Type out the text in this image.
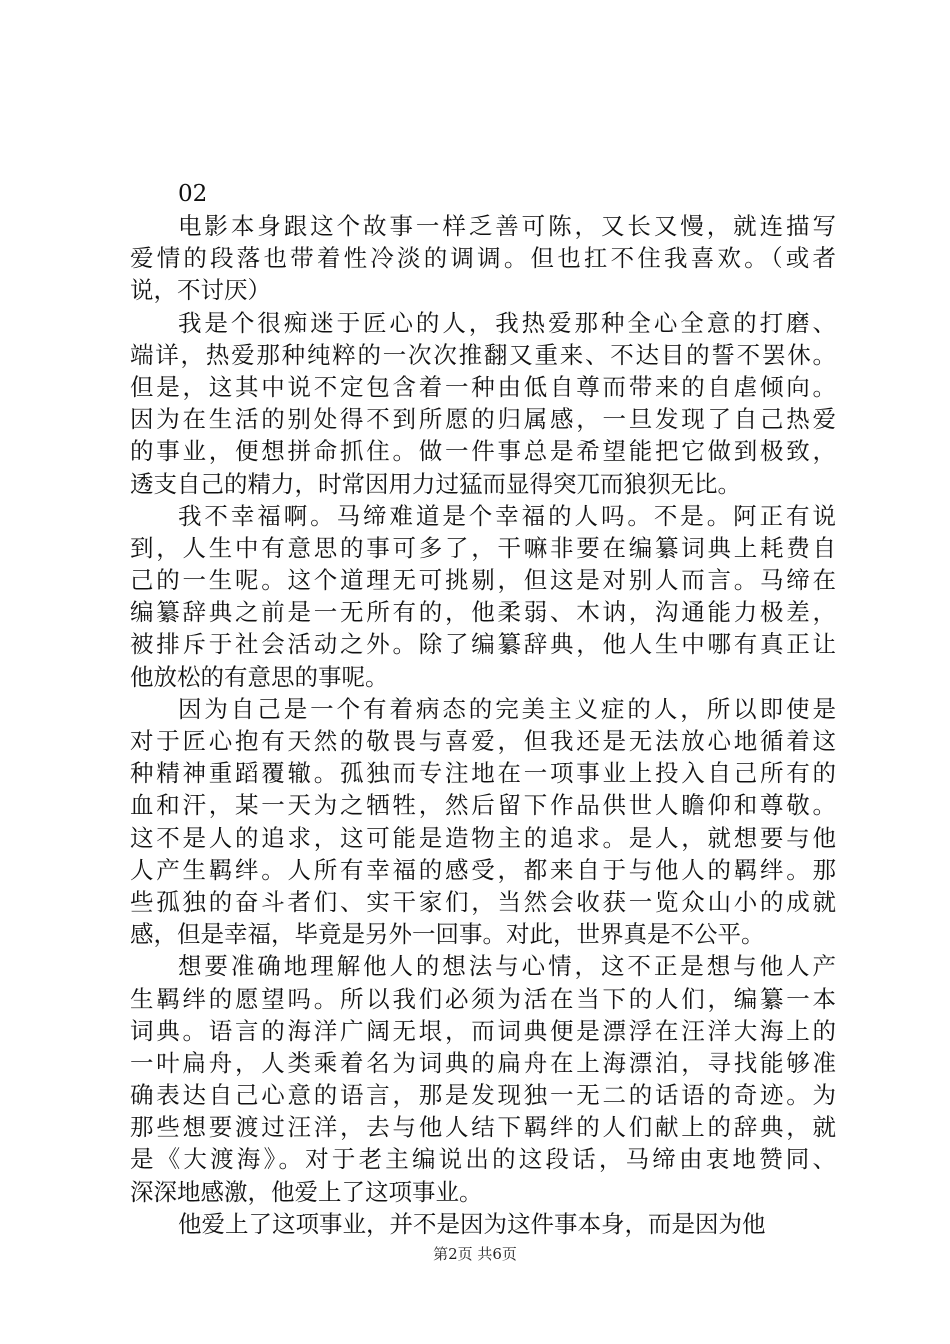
02
电影本身跟这个故事一样乏善可陈，又长又慢，就连描写
爱情的段落也带着性冷淡的调调。但也扛不住我喜欢。（或者
说，不讨厌）
我是个很痴迷于匠心的人，我热爱那种全心全意的打磨、
端详，热爱那种纯粹的一次次推翻又重来、不达目的誓不罢休。
但是，这其中说不定包含着一种由低自尊而带来的自虐倾向。
因为在生活的别处得不到所愿的归属感，一旦发现了自己热爱
的事业，便想拼命抓住。做一件事总是希望能把它做到极致，
透支自己的精力，时常因用力过猛而显得突兀而狼狈无比。
我不幸福啊。马缔难道是个幸福的人吗。不是。阿正有说
到，人生中有意思的事可多了，干嘛非要在编纂词典上耗费自
己的一生呢。这个道理无可挑剔，但这是对别人而言。马缔在
编纂辞典之前是一无所有的，他柔弱、木讷，沟通能力极差，
被排斥于社会活动之外。除了编纂辞典，他人生中哪有真正让
他放松的有意思的事呢。
因为自己是一个有着病态的完美主义症的人，所以即使是
对于匠心抱有天然的敬畏与喜爱，但我还是无法放心地循着这
种精神重蹈覆辙。孤独而专注地在一项事业上投入自己所有的
血和汗，某一天为之牺牲，然后留下作品供世人瞻仰和尊敬。
这不是人的追求，这可能是造物主的追求。是人，就想要与他
人产生羁绊。人所有幸福的感受，都来自于与他人的羁绊。那
些孤独的奋斗者们、实干家们，当然会收获一览众山小的成就
感，但是幸福，毕竟是另外一回事。对此，世界真是不公平。
想要准确地理解他人的想法与心情，这不正是想与他人产
生羁绊的愿望吗。所以我们必须为活在当下的人们，编纂一本
词典。语言的海洋广阔无垠，而词典便是漂浮在汪洋大海上的
一叶扁舟，人类乘着名为词典的扁舟在上海漂泊，寻找能够准
确表达自己心意的语言，那是发现独一无二的话语的奇迹。为
那些想要渡过汪洋，去与他人结下羁绊的人们献上的辞典，就
是《大渡海》。对于老主编说出的这段话，马缔由衷地赞同、
深深地感激，他爱上了这项事业。
他爱上了这项事业，并不是因为这件事本身，而是因为他
第2页 共6页
